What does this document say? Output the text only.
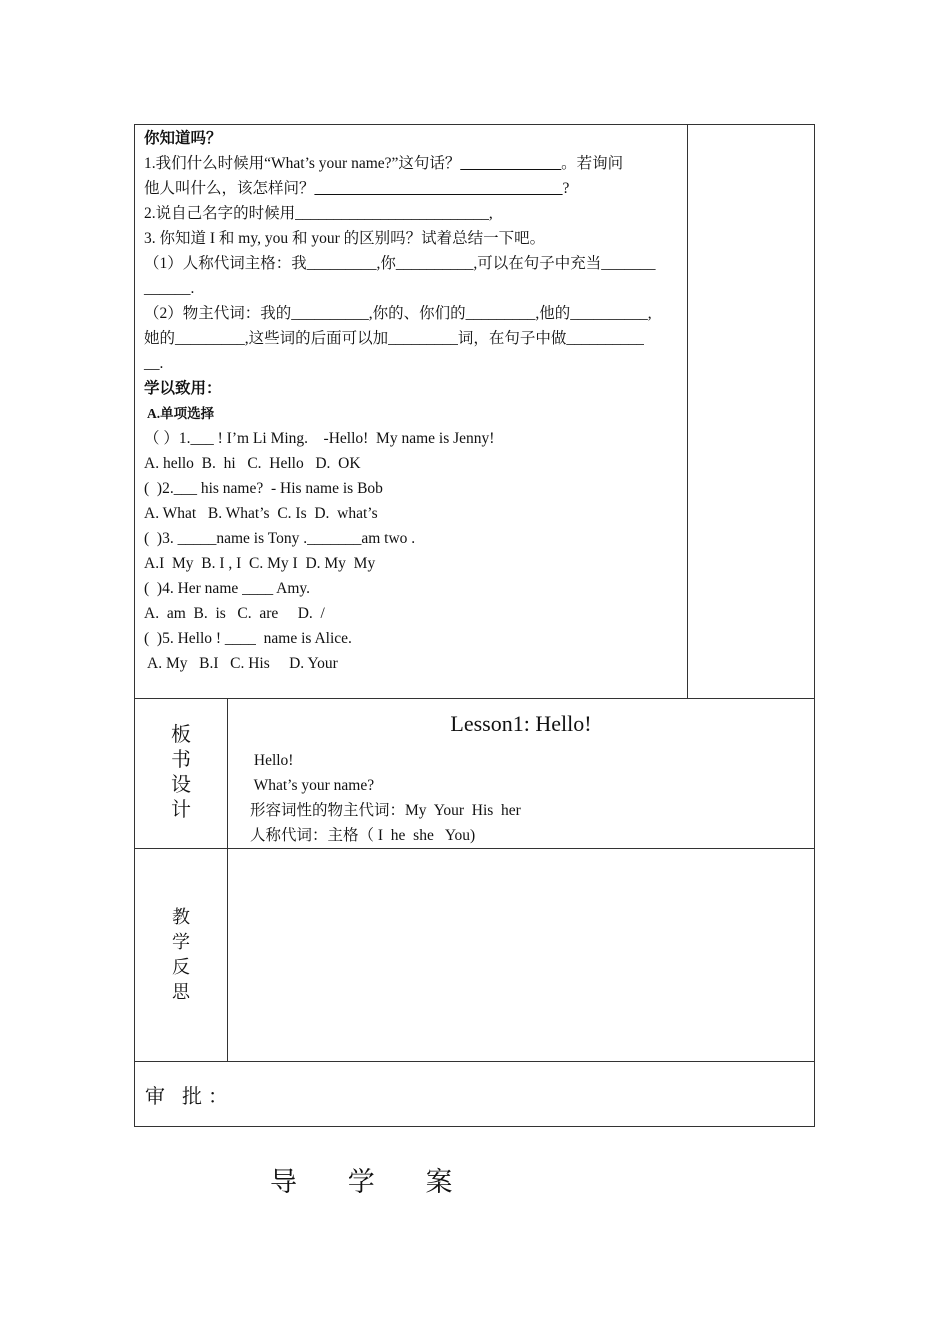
你知道吗？
1.我们什么时候用“What’s your name?”这句话？_____________。若询问
他人叫什么，该怎样问？________________________________?
2.说自己名字的时候用_________________________,
3. 你知道 I 和 my, you 和 your 的区别吗？试着总结一下吧。
（1）人称代词主格：我_________,你__________,可以在句子中充当_______
______.
（2）物主代词：我的__________,你的、你们的_________,他的__________,
她的_________,这些词的后面可以加_________词，在句子中做__________
__.
学以致用：
A.单项选择
（ ）1.___ ! I’m Li Ming.    -Hello!  My name is Jenny!
A. hello  B.  hi   C.  Hello   D.  OK
(  )2.___ his name?  - His name is Bob
A. What   B. What’s  C. Is  D.  what’s
(  )3. _____name is Tony ._______am two .
A.I  My  B. I , I  C. My I  D. My  My
(  )4. Her name ____ Amy.
A.  am  B.  is   C.  are     D.  /
(  )5. Hello ! ____  name is Alice.
A. My   B.I   C. His     D. Your
板
书
设
计
Lesson1: Hello!
Hello!
What’s your name?
形容词性的物主代词：My  Your  His  her
人称代词：主格（ I  he  she   You)
教
学
反
思
审 批：
导 学 案
